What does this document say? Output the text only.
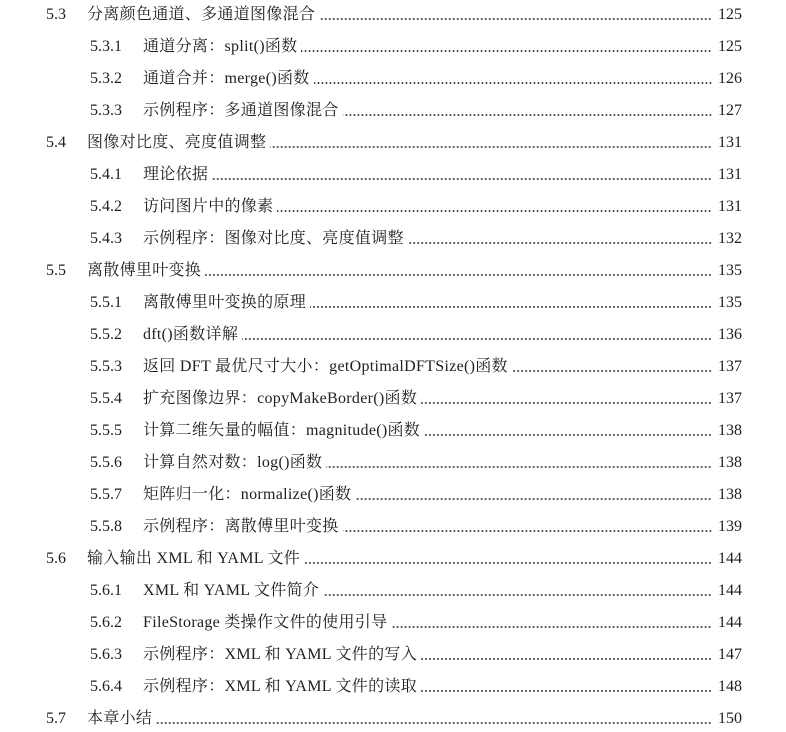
5.3	分离颜色通道、多通道图像混合	125
5.3.1	通道分离：split()函数	125
5.3.2	通道合并：merge()函数	126
5.3.3	示例程序：多通道图像混合	127
5.4	图像对比度、亮度值调整	131
5.4.1	理论依据	131
5.4.2	访问图片中的像素	131
5.4.3	示例程序：图像对比度、亮度值调整	132
5.5	离散傅里叶变换	135
5.5.1	离散傅里叶变换的原理	135
5.5.2	dft()函数详解	136
5.5.3	返回 DFT 最优尺寸大小：getOptimalDFTSize()函数	137
5.5.4	扩充图像边界：copyMakeBorder()函数	137
5.5.5	计算二维矢量的幅值：magnitude()函数	138
5.5.6	计算自然对数：log()函数	138
5.5.7	矩阵归一化：normalize()函数	138
5.5.8	示例程序：离散傅里叶变换	139
5.6	输入输出 XML 和 YAML 文件	144
5.6.1	XML 和 YAML 文件简介	144
5.6.2	FileStorage 类操作文件的使用引导	144
5.6.3	示例程序：XML 和 YAML 文件的写入	147
5.6.4	示例程序：XML 和 YAML 文件的读取	148
5.7	本章小结	150
